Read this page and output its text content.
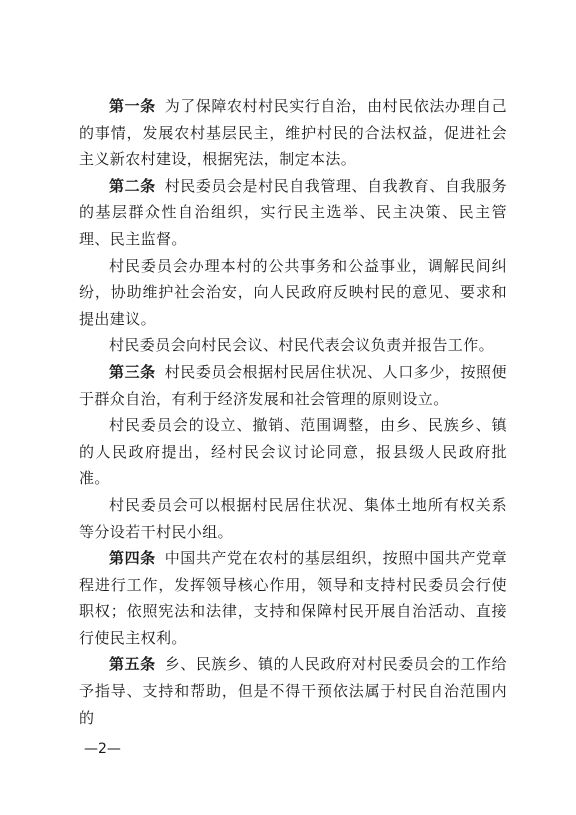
第一条 为了保障农村村民实行自治，由村民依法办理自己的事情，发展农村基层民主，维护村民的合法权益，促进社会主义新农村建设，根据宪法，制定本法。

第二条 村民委员会是村民自我管理、自我教育、自我服务的基层群众性自治组织，实行民主选举、民主决策、民主管理、民主监督。

村民委员会办理本村的公共事务和公益事业，调解民间纠纷，协助维护社会治安，向人民政府反映村民的意见、要求和提出建议。

村民委员会向村民会议、村民代表会议负责并报告工作。

第三条 村民委员会根据村民居住状况、人口多少，按照便于群众自治，有利于经济发展和社会管理的原则设立。

村民委员会的设立、撤销、范围调整，由乡、民族乡、镇的人民政府提出，经村民会议讨论同意，报县级人民政府批准。

村民委员会可以根据村民居住状况、集体土地所有权关系等分设若干村民小组。

第四条 中国共产党在农村的基层组织，按照中国共产党章程进行工作，发挥领导核心作用，领导和支持村民委员会行使职权；依照宪法和法律，支持和保障村民开展自治活动、直接行使民主权利。

第五条 乡、民族乡、镇的人民政府对村民委员会的工作给予指导、支持和帮助，但是不得干预依法属于村民自治范围内的

—2—
